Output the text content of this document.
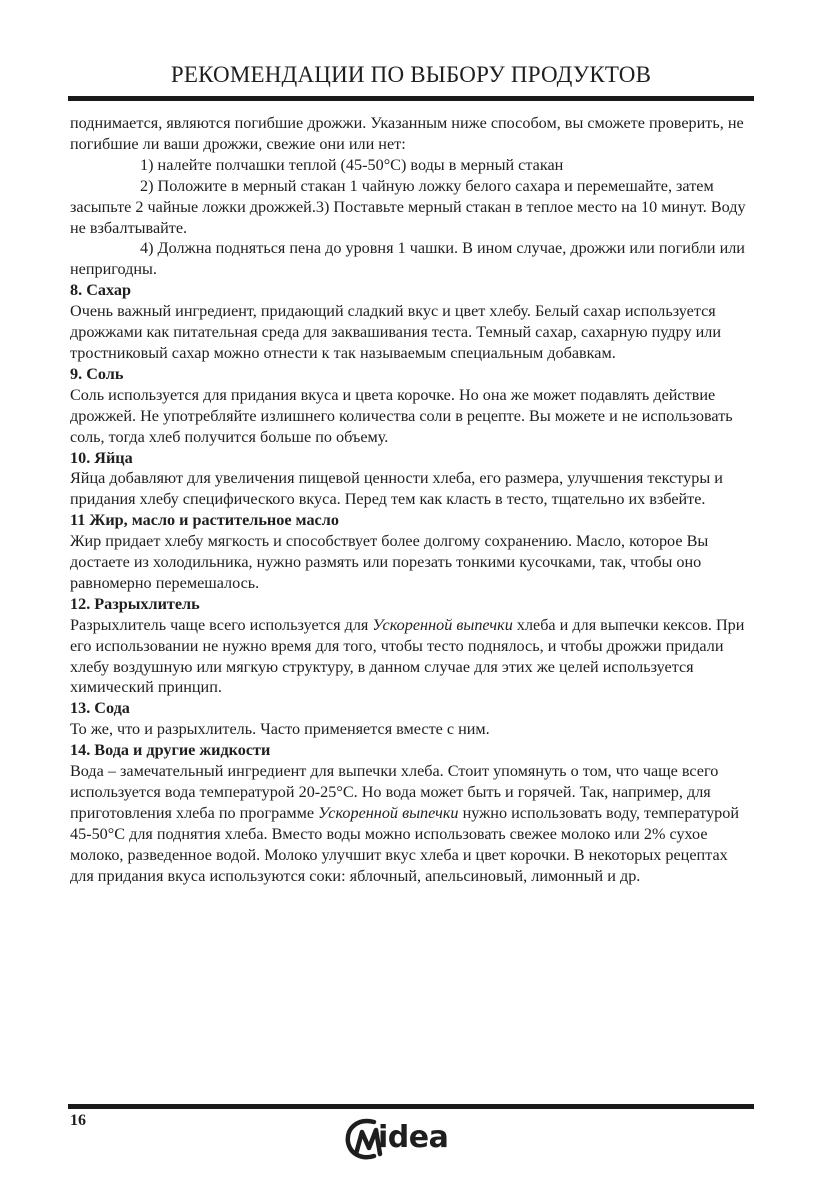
РЕКОМЕНДАЦИИ ПО ВЫБОРУ ПРОДУКТОВ

поднимается, являются погибшие дрожжи. Указанным ниже способом, вы сможете проверить, не погибшие ли ваши дрожжи, свежие они или нет:

1) налейте полчашки теплой (45-50°С) воды в мерный стакан

2) Положите в мерный стакан 1 чайную ложку белого сахара и перемешайте, затем засыпьте 2 чайные ложки дрожжей.3) Поставьте мерный стакан в теплое место на 10 минут. Воду не взбалтывайте.

4) Должна подняться пена до уровня 1 чашки. В ином случае, дрожжи или погибли или непригодны.

8. Сахар

Очень важный ингредиент, придающий сладкий вкус и цвет хлебу. Белый сахар используется дрожжами как питательная среда для заквашивания теста. Темный сахар, сахарную пудру или тростниковый сахар можно отнести к так называемым специальным добавкам.

9. Соль

Соль используется для придания вкуса и цвета корочке. Но она же может подавлять действие дрожжей. Не употребляйте излишнего количества соли в рецепте. Вы можете и не использовать соль, тогда хлеб получится больше по объему.

10. Яйца

Яйца добавляют для увеличения пищевой ценности хлеба, его размера, улучшения текстуры и придания хлебу специфического вкуса. Перед тем как класть в тесто, тщательно их взбейте.

11 Жир, масло и растительное масло

Жир придает хлебу мягкость и способствует более долгому сохранению. Масло, которое Вы достаете из холодильника, нужно размять или порезать тонкими кусочками, так, чтобы оно равномерно перемешалось.

12. Разрыхлитель

Разрыхлитель чаще всего используется для Ускоренной выпечки хлеба и для выпечки кексов. При его использовании не нужно время для того, чтобы тесто поднялось, и чтобы дрожжи придали хлебу воздушную или мягкую структуру, в данном случае для этих же целей используется химический принцип.

13. Сода

То же, что и разрыхлитель. Часто применяется вместе с ним.

14. Вода и другие жидкости

Вода – замечательный ингредиент для выпечки хлеба. Стоит упомянуть о том, что чаще всего используется вода температурой 20-25°С. Но вода может быть и горячей. Так, например, для приготовления хлеба по программе Ускоренной выпечки нужно использовать воду, температурой 45-50°С для поднятия хлеба. Вместо воды можно использовать свежее молоко или 2% сухое молоко, разведенное водой. Молоко улучшит вкус хлеба и цвет корочки. В некоторых рецептах для придания вкуса используются соки: яблочный, апельсиновый, лимонный и др.

16	idea
